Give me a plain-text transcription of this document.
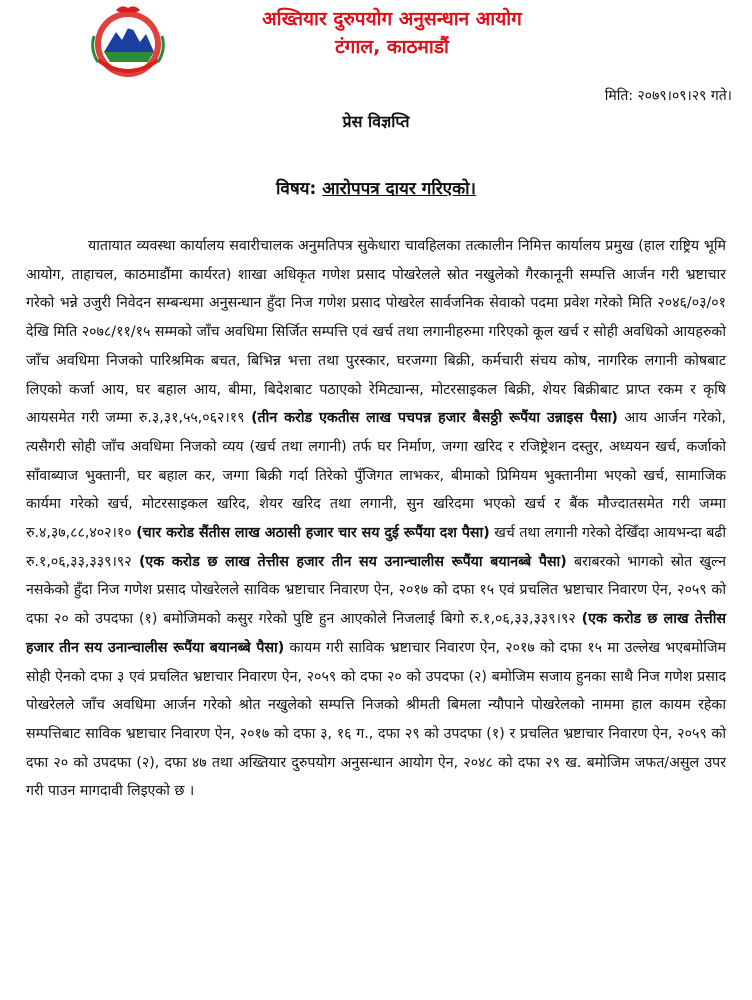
अख्तियार दुरुपयोग अनुसन्धान आयोग
टंगाल, काठमाडौं
मिति: २०७९।०९।२९ गते।
प्रेस विज्ञप्ति
विषय: आरोपपत्र दायर गरिएको।

यातायात व्यवस्था कार्यालय सवारीचालक अनुमतिपत्र सुकेधारा चावहिलका तत्कालीन निमित्त कार्यालय प्रमुख (हाल राष्ट्रिय भूमि आयोग, ताहाचल, काठमाडौंमा कार्यरत) शाखा अधिकृत गणेश प्रसाद पोखरेलले स्रोत नखुलेको गैरकानूनी सम्पत्ति आर्जन गरी भ्रष्टाचार गरेको भन्ने उजुरी निवेदन सम्बन्धमा अनुसन्धान हुँदा निज गणेश प्रसाद पोखरेल सार्वजनिक सेवाको पदमा प्रवेश गरेको मिति २०४६/०३/०१ देखि मिति २०७८/११/१५ सम्मको जाँच अवधिमा सिर्जित सम्पत्ति एवं खर्च तथा लगानीहरुमा गरिएको कूल खर्च र सोही अवधिको आयहरुको जाँच अवधिमा निजको पारिश्रमिक बचत, बिभिन्न भत्ता तथा पुरस्कार, घरजग्गा बिक्री, कर्मचारी संचय कोष, नागरिक लगानी कोषबाट लिएको कर्जा आय, घर बहाल आय, बीमा, बिदेशबाट पठाएको रेमिट्यान्स, मोटरसाइकल बिक्री, शेयर बिक्रीबाट प्राप्त रकम र कृषि आयसमेत गरी जम्मा रु.३,३१,५५,०६२।१९ (तीन करोड एकतीस लाख पचपन्न हजार बैसठ्ठी रूपैंया उन्नाइस पैसा) आय आर्जन गरेको, त्यसैगरी सोही जाँच अवधिमा निजको व्यय (खर्च तथा लगानी) तर्फ घर निर्माण, जग्गा खरिद र रजिष्ट्रेशन दस्तुर, अध्ययन खर्च, कर्जाको साँवाब्याज भुक्तानी, घर बहाल कर, जग्गा बिक्री गर्दा तिरेको पुँजिगत लाभकर, बीमाको प्रिमियम भुक्तानीमा भएको खर्च, सामाजिक कार्यमा गरेको खर्च, मोटरसाइकल खरिद, शेयर खरिद तथा लगानी, सुन खरिदमा भएको खर्च र बैंक मौज्दातसमेत गरी जम्मा रु.४,३७,८८,४०२।१० (चार करोड सैंतीस लाख अठासी हजार चार सय दुई रूपैंया दश पैसा) खर्च तथा लगानी गरेको देखिँदा आयभन्दा बढी रु.१,०६,३३,३३९।९२ (एक करोड छ लाख तेत्तीस हजार तीन सय उनान्चालीस रूपैंया बयानब्बे पैसा) बराबरको भागको स्रोत खुल्न नसकेको हुँदा निज गणेश प्रसाद पोखरेलले साविक भ्रष्टाचार निवारण ऐन, २०१७ को दफा १५ एवं प्रचलित भ्रष्टाचार निवारण ऐन, २०५९ को दफा २० को उपदफा (१) बमोजिमको कसुर गरेको पुष्टि हुन आएकोले निजलाई बिगो रु.१,०६,३३,३३९।९२ (एक करोड छ लाख तेत्तीस हजार तीन सय उनान्चालीस रूपैंया बयानब्बे पैसा) कायम गरी साविक भ्रष्टाचार निवारण ऐन, २०१७ को दफा १५ मा उल्लेख भएबमोजिम सोही ऐनको दफा ३ एवं प्रचलित भ्रष्टाचार निवारण ऐन, २०५९ को दफा २० को उपदफा (२) बमोजिम सजाय हुनका साथै निज गणेश प्रसाद पोखरेलले जाँच अवधिमा आर्जन गरेको श्रोत नखुलेको सम्पत्ति निजको श्रीमती बिमला न्यौपाने पोखरेलको नाममा हाल कायम रहेका सम्पत्तिबाट साविक भ्रष्टाचार निवारण ऐन, २०१७ को दफा ३, १६ ग., दफा २९ को उपदफा (१) र प्रचलित भ्रष्टाचार निवारण ऐन, २०५९ को दफा २० को उपदफा (२), दफा ४७ तथा अख्तियार दुरुपयोग अनुसन्धान आयोग ऐन, २०४८ को दफा २९ ख. बमोजिम जफत/असुल उपर गरी पाउन मागदावी लिइएको छ ।
